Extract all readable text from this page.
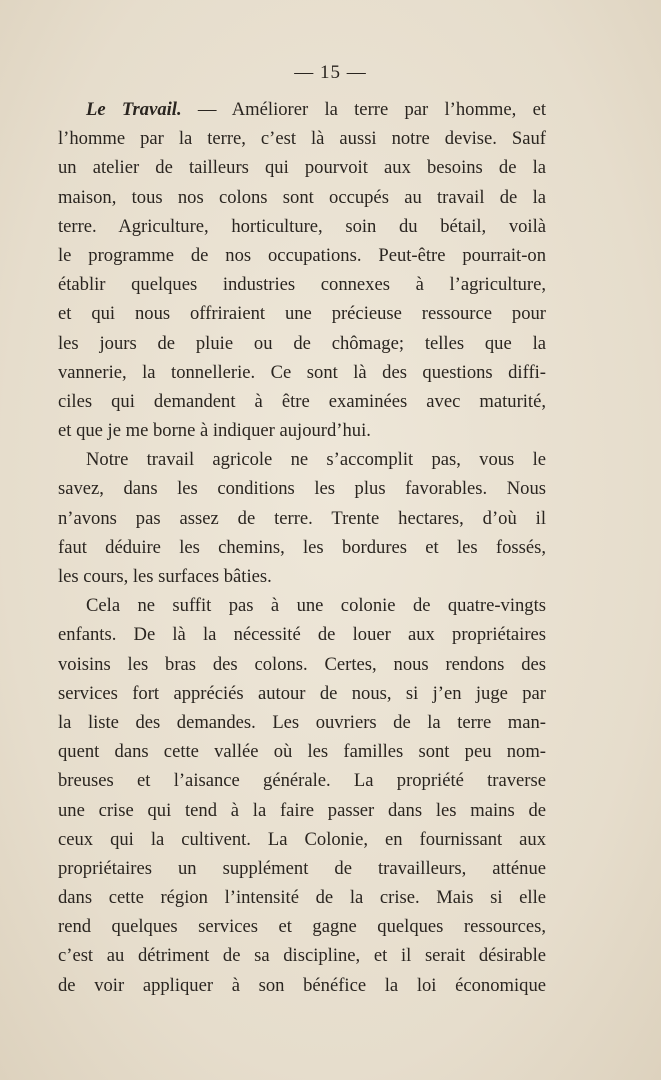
— 15 —
Le Travail. — Améliorer la terre par l’homme, et
l’homme par la terre, c’est là aussi notre devise. Sauf
un atelier de tailleurs qui pourvoit aux besoins de la
maison, tous nos colons sont occupés au travail de la
terre. Agriculture, horticulture, soin du bétail, voilà
le programme de nos occupations. Peut-être pourrait-on
établir quelques industries connexes à l’agriculture,
et qui nous offriraient une précieuse ressource pour
les jours de pluie ou de chômage; telles que la
vannerie, la tonnellerie. Ce sont là des questions diffi-
ciles qui demandent à être examinées avec maturité,
et que je me borne à indiquer aujourd’hui.
Notre travail agricole ne s’accomplit pas, vous le
savez, dans les conditions les plus favorables. Nous
n’avons pas assez de terre. Trente hectares, d’où il
faut déduire les chemins, les bordures et les fossés,
les cours, les surfaces bâties.
Cela ne suffit pas à une colonie de quatre-vingts
enfants. De là la nécessité de louer aux propriétaires
voisins les bras des colons. Certes, nous rendons des
services fort appréciés autour de nous, si j’en juge par
la liste des demandes. Les ouvriers de la terre man-
quent dans cette vallée où les familles sont peu nom-
breuses et l’aisance générale. La propriété traverse
une crise qui tend à la faire passer dans les mains de
ceux qui la cultivent. La Colonie, en fournissant aux
propriétaires un supplément de travailleurs, atténue
dans cette région l’intensité de la crise. Mais si elle
rend quelques services et gagne quelques ressources,
c’est au détriment de sa discipline, et il serait désirable
de voir appliquer à son bénéfice la loi économique
